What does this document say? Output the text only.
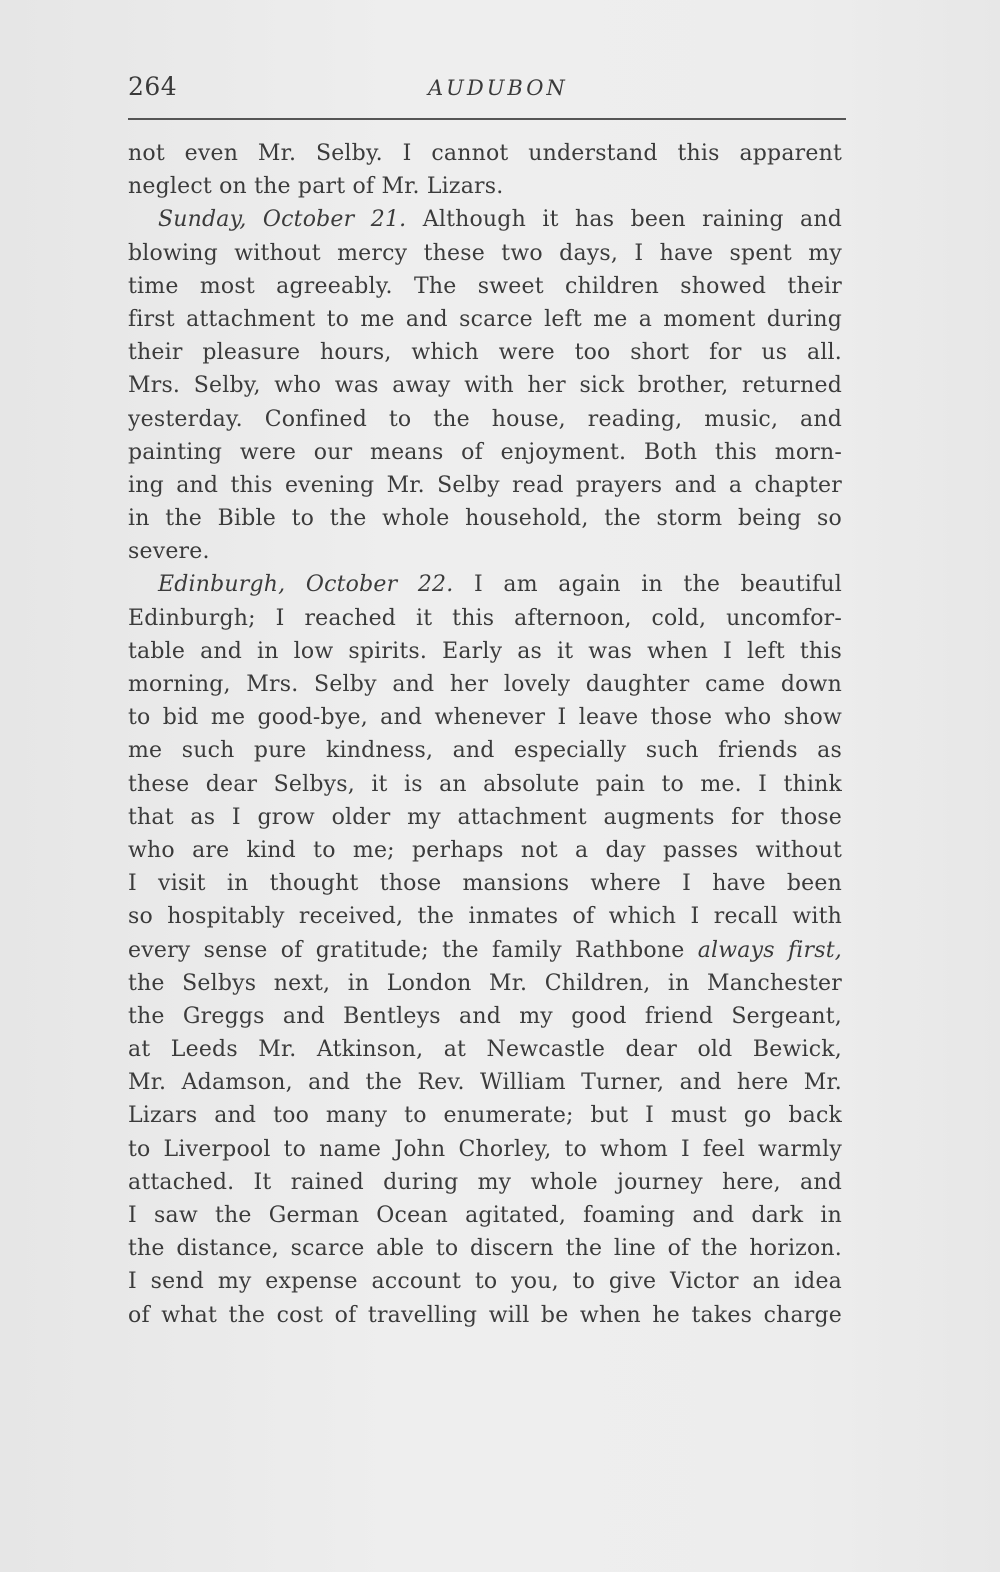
264	AUDUBON
not even Mr. Selby. I cannot understand this apparent
neglect on the part of Mr. Lizars.
Sunday, October 21. Although it has been raining and
blowing without mercy these two days, I have spent my
time most agreeably. The sweet children showed their
first attachment to me and scarce left me a moment during
their pleasure hours, which were too short for us all.
Mrs. Selby, who was away with her sick brother, returned
yesterday. Confined to the house, reading, music, and
painting were our means of enjoyment. Both this morn-
ing and this evening Mr. Selby read prayers and a chapter
in the Bible to the whole household, the storm being so
severe.
Edinburgh, October 22. I am again in the beautiful
Edinburgh; I reached it this afternoon, cold, uncomfor-
table and in low spirits. Early as it was when I left this
morning, Mrs. Selby and her lovely daughter came down
to bid me good-bye, and whenever I leave those who show
me such pure kindness, and especially such friends as
these dear Selbys, it is an absolute pain to me. I think
that as I grow older my attachment augments for those
who are kind to me; perhaps not a day passes without
I visit in thought those mansions where I have been
so hospitably received, the inmates of which I recall with
every sense of gratitude; the family Rathbone always first,
the Selbys next, in London Mr. Children, in Manchester
the Greggs and Bentleys and my good friend Sergeant,
at Leeds Mr. Atkinson, at Newcastle dear old Bewick,
Mr. Adamson, and the Rev. William Turner, and here Mr.
Lizars and too many to enumerate; but I must go back
to Liverpool to name John Chorley, to whom I feel warmly
attached. It rained during my whole journey here, and
I saw the German Ocean agitated, foaming and dark in
the distance, scarce able to discern the line of the horizon.
I send my expense account to you, to give Victor an idea
of what the cost of travelling will be when he takes charge
